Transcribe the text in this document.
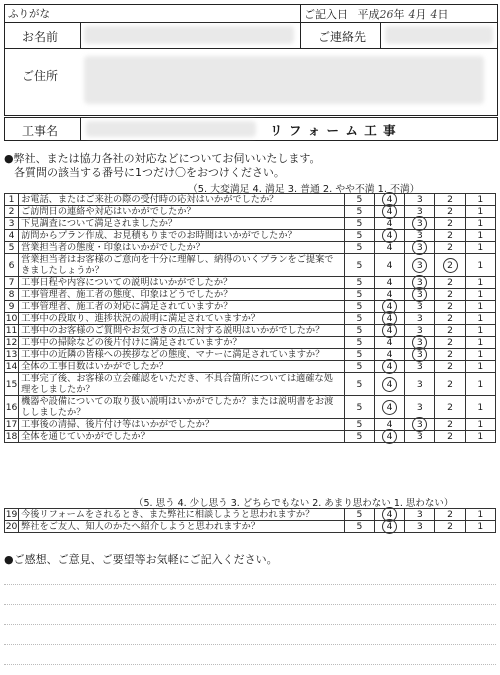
ふりがな
お名前	ご連絡先
ご住所
ご記入日 平成26年 4月 4日
工事名	リ フ ォ ー ム 工 事
●弊社、または協力各社の対応などについてお伺いいたします。
各質問の該当する番号に1つだけ〇をおつけください。
（5. 大変満足 4. 満足 3. 普通 2. やや不満 1. 不満）
1	お電話、またはご来社の際の受付時の応対はいかがでしたか？	5	4	3	2	1
2	ご訪問日の連絡や対応はいかがでしたか？	5	4	3	2	1
3	下見調査について満足されましたか？	5	4	3	2	1
4	訪問からプラン作成、お見積もりまでのお時間はいかがでしたか？	5	4	3	2	1
5	営業担当者の態度・印象はいかがでしたか？	5	4	3	2	1
6	営業担当者はお客様のご意向を十分に理解し、納得のいくプランをご提案できましたしょうか？	5	4	3	2	1
7	工事日程や内容についての説明はいかがでしたか？	5	4	3	2	1
8	工事管理者、施工者の態度、印象はどうでしたか？	5	4	3	2	1
9	工事管理者、施工者の対応に満足されていますか？	5	4	3	2	1
10	工事中の段取り、進捗状況の説明に満足されていますか？	5	4	3	2	1
11	工事中のお客様のご質問やお気づきの点に対する説明はいかがでしたか？	5	4	3	2	1
12	工事中の掃除などの後片付けに満足されていますか？	5	4	3	2	1
13	工事中の近隣の皆様への挨拶などの態度、マナーに満足されていますか？	5	4	3	2	1
14	全体の工事日数はいかがでしたか？	5	4	3	2	1
15	工事完了後、お客様の立会確認をいただき、不具合箇所については適確な処理をしましたか？	5	4	3	2	1
16	機器や設備についての取り扱い説明はいかがでしたか？または説明書をお渡ししましたか？	5	4	3	2	1
17	工事後の清掃、後片付け等はいかがでしたか？	5	4	3	2	1
18	全体を通じていかがでしたか？	5	4	3	2	1
（5. 思う 4. 少し思う 3. どちらでもない 2. あまり思わない 1. 思わない）
19	今後リフォームをされるとき、また弊社に相談しようと思われますか？	5	4	3	2	1
20	弊社をご友人、知人のかたへ紹介しようと思われますか？	5	4	3	2	1
●ご感想、ご意見、ご要望等お気軽にご記入ください。
